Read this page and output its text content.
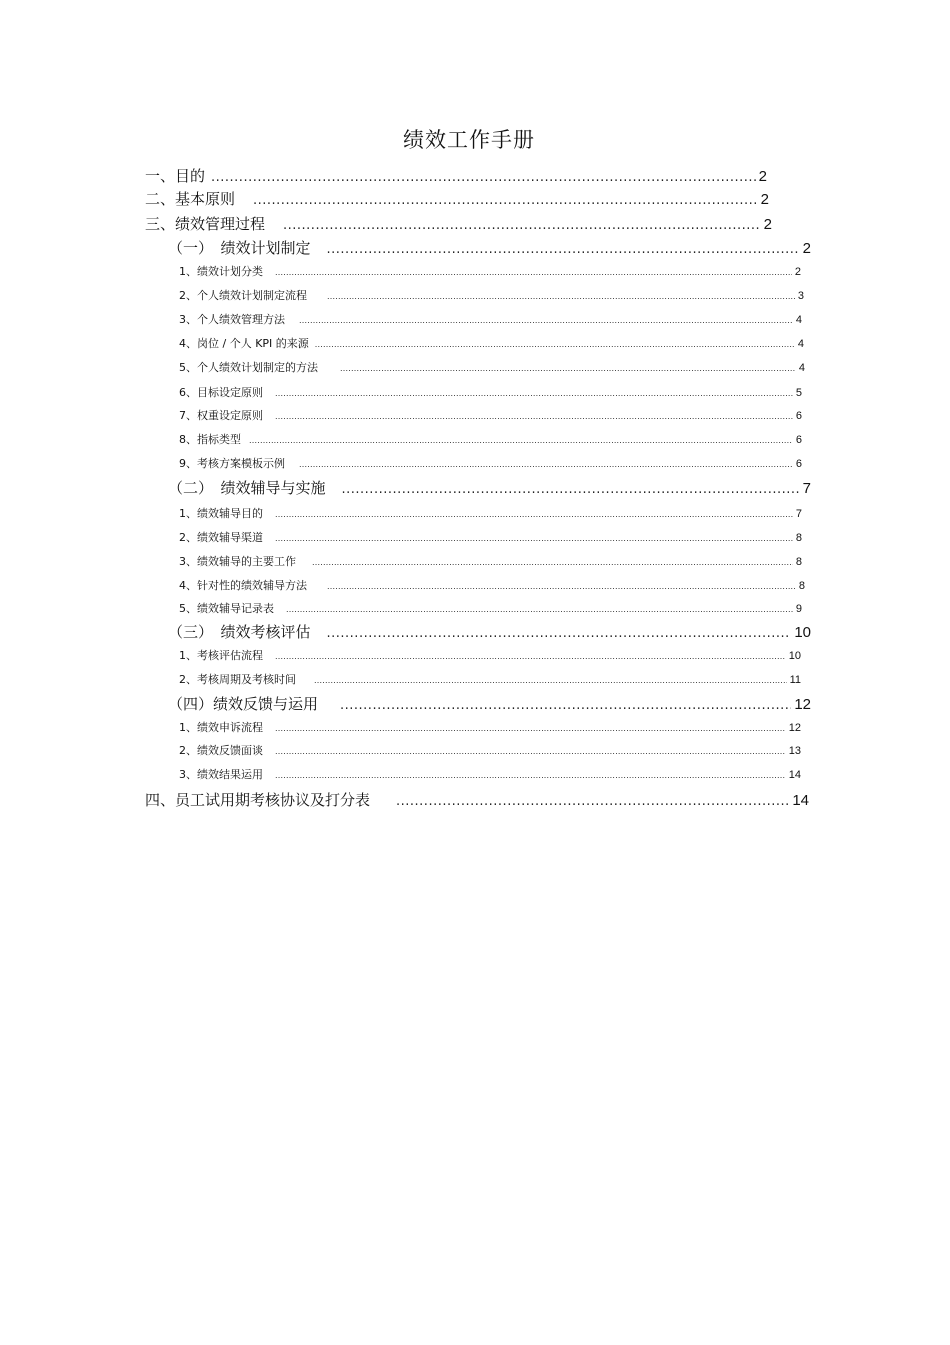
绩效工作手册
一、目的 .....	2
二、基本原则 .....	2
三、绩效管理过程 .....	2
（一）　绩效计划制定 .....	2
1、绩效计划分类 .....	2
2、个人绩效计划制定流程 .....	3
3、个人绩效管理方法 .....	4
4、岗位 / 个人 KPI 的来源 .....	4
5、个人绩效计划制定的方法 .....	4
6、目标设定原则 .....	5
7、权重设定原则 .....	6
8、指标类型 .....	6
9、考核方案模板示例 .....	6
（二）　绩效辅导与实施 .....	7
1、绩效辅导目的 .....	7
2、绩效辅导渠道 .....	8
3、绩效辅导的主要工作 .....	8
4、针对性的绩效辅导方法 .....	8
5、绩效辅导记录表 .....	9
（三）　绩效考核评估 .....	10
1、考核评估流程 .....	10
2、考核周期及考核时间 .....	11
（四）绩效反馈与运用 .....	12
1、绩效申诉流程 .....	12
2、绩效反馈面谈 .....	13
3、绩效结果运用 .....	14
四、员工试用期考核协议及打分表 .....	14
